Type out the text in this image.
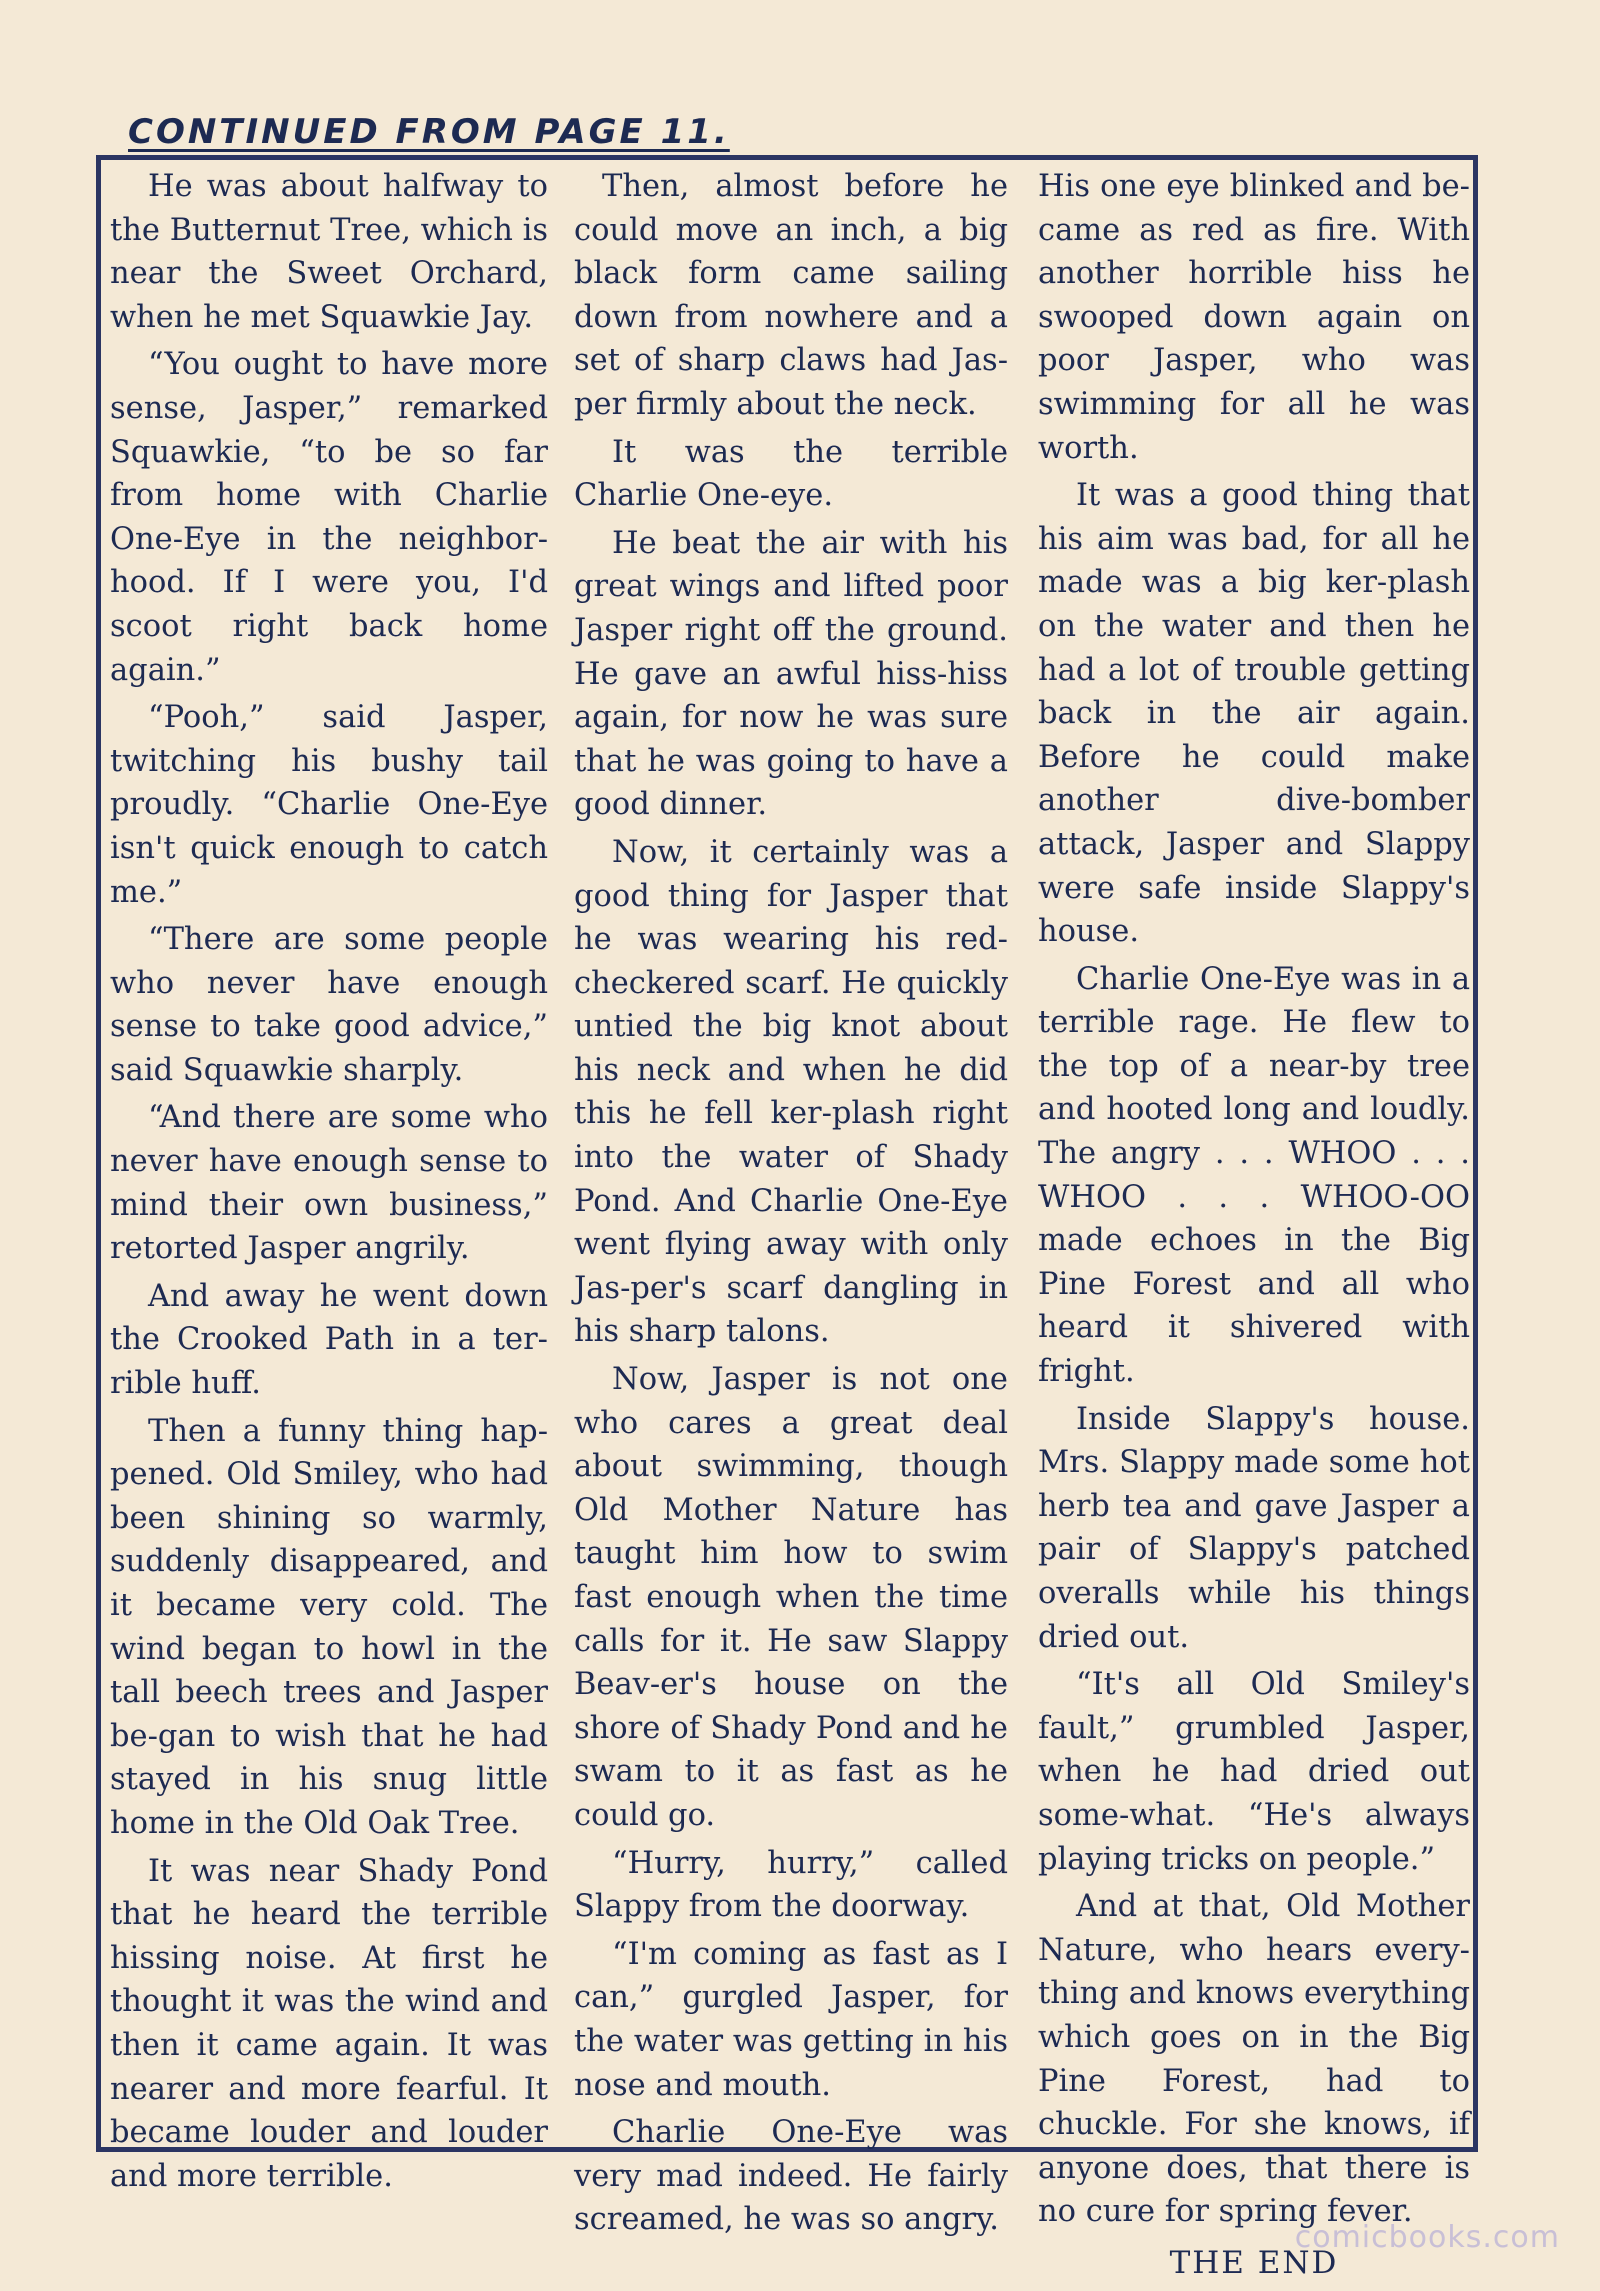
CONTINUED FROM PAGE 11.

He was about halfway to the Butternut Tree, which is near the Sweet Orchard, when he met Squawkie Jay.

“You ought to have more sense, Jasper,” remarked Squawkie, “to be so far from home with Charlie One-Eye in the neighbor-hood. If I were you, I'd scoot right back home again.”

“Pooh,” said Jasper, twitching his bushy tail proudly. “Charlie One-Eye isn't quick enough to catch me.”

“There are some people who never have enough sense to take good advice,” said Squawkie sharply.

“And there are some who never have enough sense to mind their own business,” retorted Jasper angrily.

And away he went down the Crooked Path in a ter-rible huff.

Then a funny thing hap-pened. Old Smiley, who had been shining so warmly, suddenly disappeared, and it became very cold. The wind began to howl in the tall beech trees and Jasper be-gan to wish that he had stayed in his snug little home in the Old Oak Tree.

It was near Shady Pond that he heard the terrible hissing noise. At first he thought it was the wind and then it came again. It was nearer and more fearful. It became louder and louder and more terrible.

Then, almost before he could move an inch, a big black form came sailing down from nowhere and a set of sharp claws had Jas-per firmly about the neck.

It was the terrible Charlie One-eye.

He beat the air with his great wings and lifted poor Jasper right off the ground. He gave an awful hiss-hiss again, for now he was sure that he was going to have a good dinner.

Now, it certainly was a good thing for Jasper that he was wearing his red-checkered scarf. He quickly untied the big knot about his neck and when he did this he fell ker-plash right into the water of Shady Pond. And Charlie One-Eye went flying away with only Jas-per's scarf dangling in his sharp talons.

Now, Jasper is not one who cares a great deal about swimming, though Old Mother Nature has taught him how to swim fast enough when the time calls for it. He saw Slappy Beav-er's house on the shore of Shady Pond and he swam to it as fast as he could go.

“Hurry, hurry,” called Slappy from the doorway.

“I'm coming as fast as I can,” gurgled Jasper, for the water was getting in his nose and mouth.

Charlie One-Eye was very mad indeed. He fairly screamed, he was so angry.

His one eye blinked and be-came as red as fire. With another horrible hiss he swooped down again on poor Jasper, who was swimming for all he was worth.

It was a good thing that his aim was bad, for all he made was a big ker-plash on the water and then he had a lot of trouble getting back in the air again. Before he could make another dive-bomber attack, Jasper and Slappy were safe inside Slappy's house.

Charlie One-Eye was in a terrible rage. He flew to the top of a near-by tree and hooted long and loudly. The angry . . . WHOO . . . WHOO . . . WHOO-OO made echoes in the Big Pine Forest and all who heard it shivered with fright.

Inside Slappy's house. Mrs. Slappy made some hot herb tea and gave Jasper a pair of Slappy's patched overalls while his things dried out.

“It's all Old Smiley's fault,” grumbled Jasper, when he had dried out some-what. “He's always playing tricks on people.”

And at that, Old Mother Nature, who hears every-thing and knows everything which goes on in the Big Pine Forest, had to chuckle. For she knows, if anyone does, that there is no cure for spring fever.

THE END
comicbooks.com
